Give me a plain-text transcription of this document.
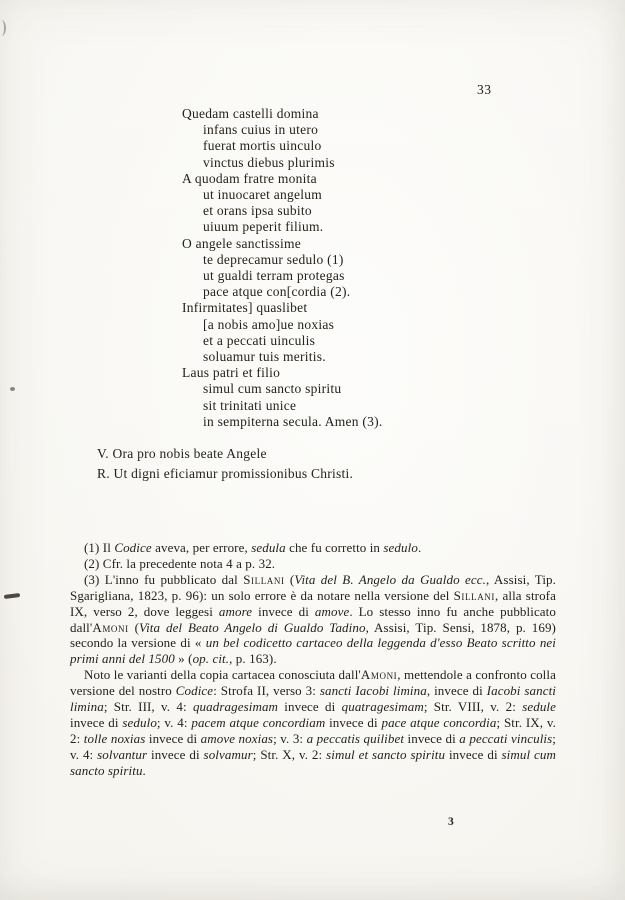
33
Quedam castelli domina
infans cuius in utero
fuerat mortis uinculo
vinctus diebus plurimis
A quodam fratre monita
ut inuocaret angelum
et orans ipsa subito
uiuum peperit filium.
O angele sanctissime
te deprecamur sedulo (1)
ut gualdi terram protegas
pace atque con[cordia (2).
Infirmitates] quaslibet
[a nobis amo]ue noxias
et a peccati uinculis
soluamur tuis meritis.
Laus patri et filio
simul cum sancto spiritu
sit trinitati unice
in sempiterna secula. Amen (3).
V. Ora pro nobis beate Angele
R. Ut digni eficiamur promissionibus Christi.

(1) Il Codice aveva, per errore, sedula che fu corretto in sedulo.

(2) Cfr. la precedente nota 4 a p. 32.

(3) L'inno fu pubblicato dal Sillani (Vita del B. Angelo da Gualdo ecc., Assisi, Tip. Sgarigliana, 1823, p. 96): un solo errore è da notare nella versione del Sillani, alla strofa IX, verso 2, dove leggesi amore invece di amove. Lo stesso inno fu anche pubblicato dall'Amoni (Vita del Beato Angelo di Gualdo Tadino, Assisi, Tip. Sensi, 1878, p. 169) secondo la versione di « un bel codicetto cartaceo della leggenda d'esso Beato scritto nei primi anni del 1500 » (op. cit., p. 163).

Noto le varianti della copia cartacea conosciuta dall'Amoni, mettendole a confronto colla versione del nostro Codice: Strofa II, verso 3: sancti Iacobi limina, invece di Iacobi sancti limina; Str. III, v. 4: quadragesimam invece di quatragesimam; Str. VIII, v. 2: sedule invece di sedulo; v. 4: pacem atque concordiam invece di pace atque concordia; Str. IX, v. 2: tolle noxias invece di amove noxias; v. 3: a peccatis quilibet invece di a peccati vinculis; v. 4: solvantur invece di solvamur; Str. X, v. 2: simul et sancto spiritu invece di simul cum sancto spiritu.

3
